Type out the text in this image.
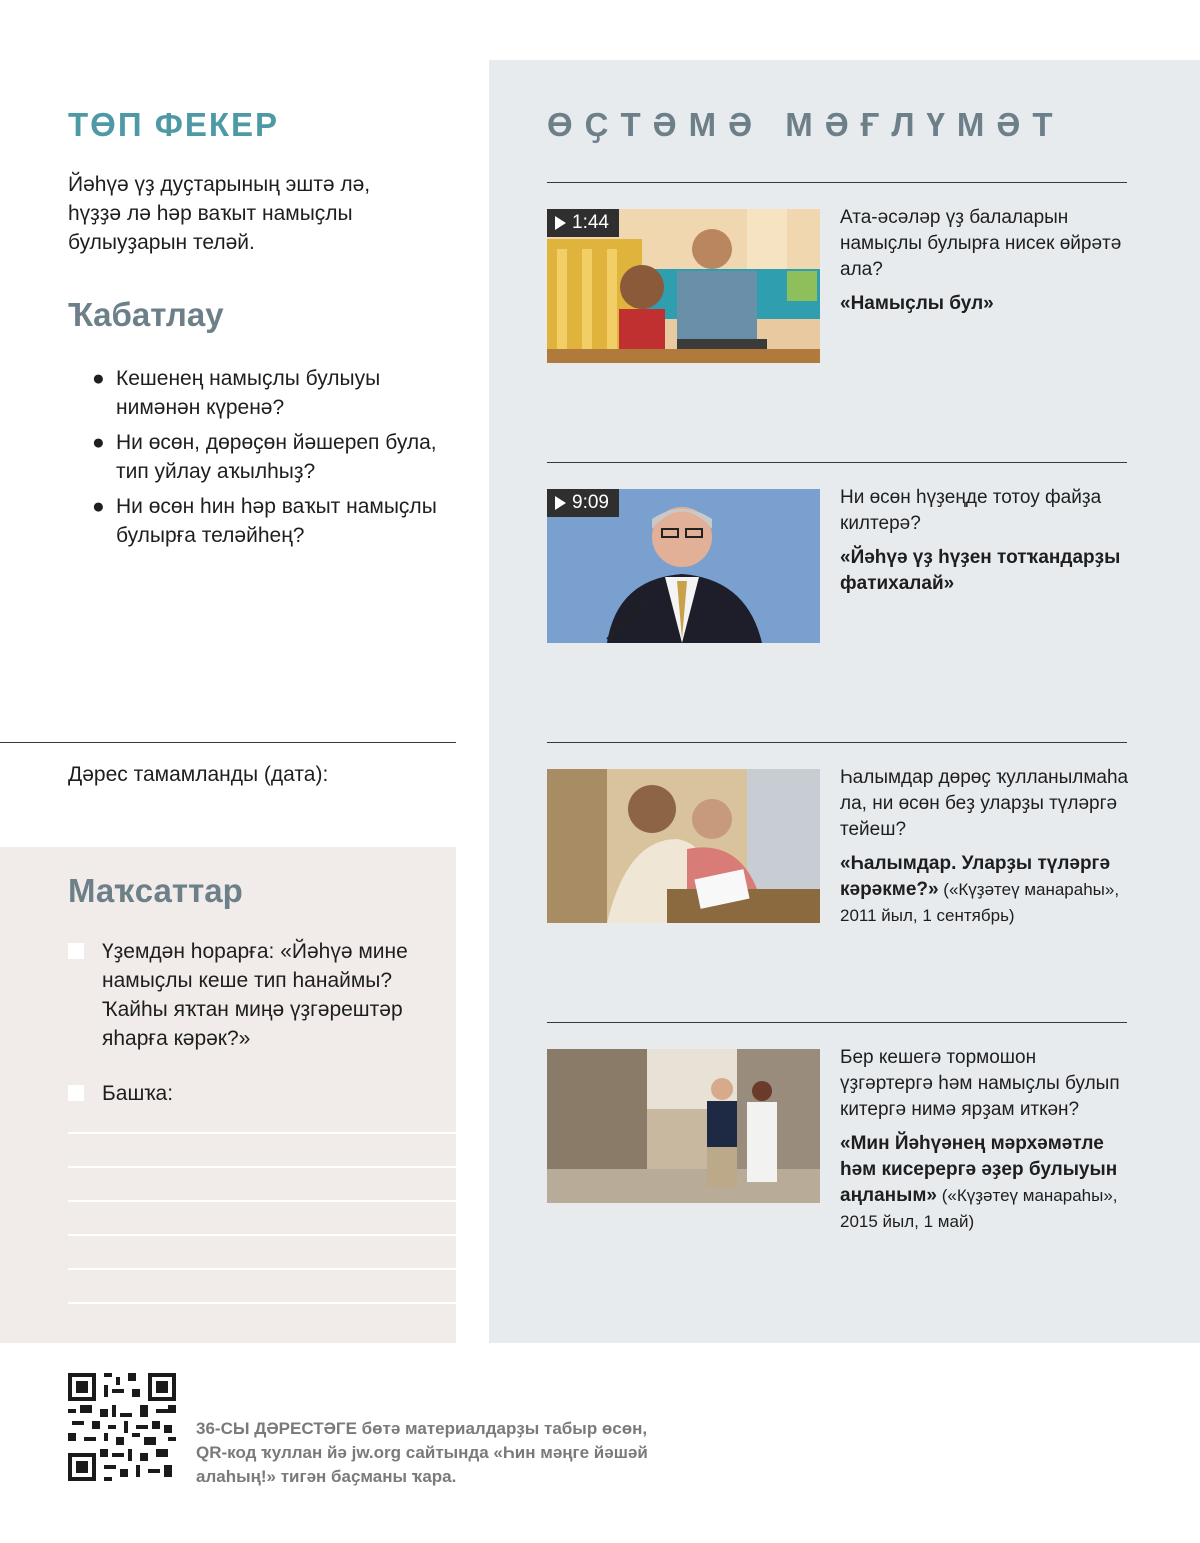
ТӨП ФЕКЕР

Йәһүә үҙ дуҫтарының эштә лә, һүҙҙә лә һәр ваҡыт намыҫлы булыуҙарын теләй.

Ҡабатлау
● Кешенең намыҫлы булыуы нимәнән күренә?
● Ни өсөн, дөрөҫөн йәшереп була, тип уйлау аҡылһыҙ?
● Ни өсөн һин һәр ваҡыт намыҫлы булырға теләйһең?
Дәрес тамамланды (дата):
Маҡсаттар
Үҙемдән һорарға: «Йәһүә мине намыҫлы кеше тип һанаймы? Ҡайһы яҡтан миңә үҙгәрештәр яһарға кәрәк?»
Башҡа:
ӨҪТӘМӘ МӘҒЛҮМӘТ
1:44	Ата-әсәләр үҙ балаларын намыҫлы булырға нисек өйрәтә ала?
«Намыҫлы бул»
9:09	Ни өсөн һүҙеңде тотоу файҙа килтерә?
«Йәһүә үҙ һүҙен тотҡандарҙы фатихалай»
Һалымдар дөрөҫ ҡулланылмаһа ла, ни өсөн беҙ уларҙы түләргә тейеш?
«Һалымдар. Уларҙы түләргә кәрәкме?» («Күҙәтеү манараһы», 2011 йыл, 1 сентябрь)
Бер кешегә тормошон үҙгәртергә һәм намыҫлы булып китергә нимә ярҙам иткән?
«Мин Йәһүәнең мәрхәмәтле һәм кисерергә әҙер булыуын аңланым» («Күҙәтеү манараһы», 2015 йыл, 1 май)

36-СЫ ДӘРЕСТӘГЕ бөтә материалдарҙы табыр өсөн, QR-код ҡуллан йә jw.org сайтында «Һин мәңге йәшәй алаһың!» тигән баҫманы ҡара.
